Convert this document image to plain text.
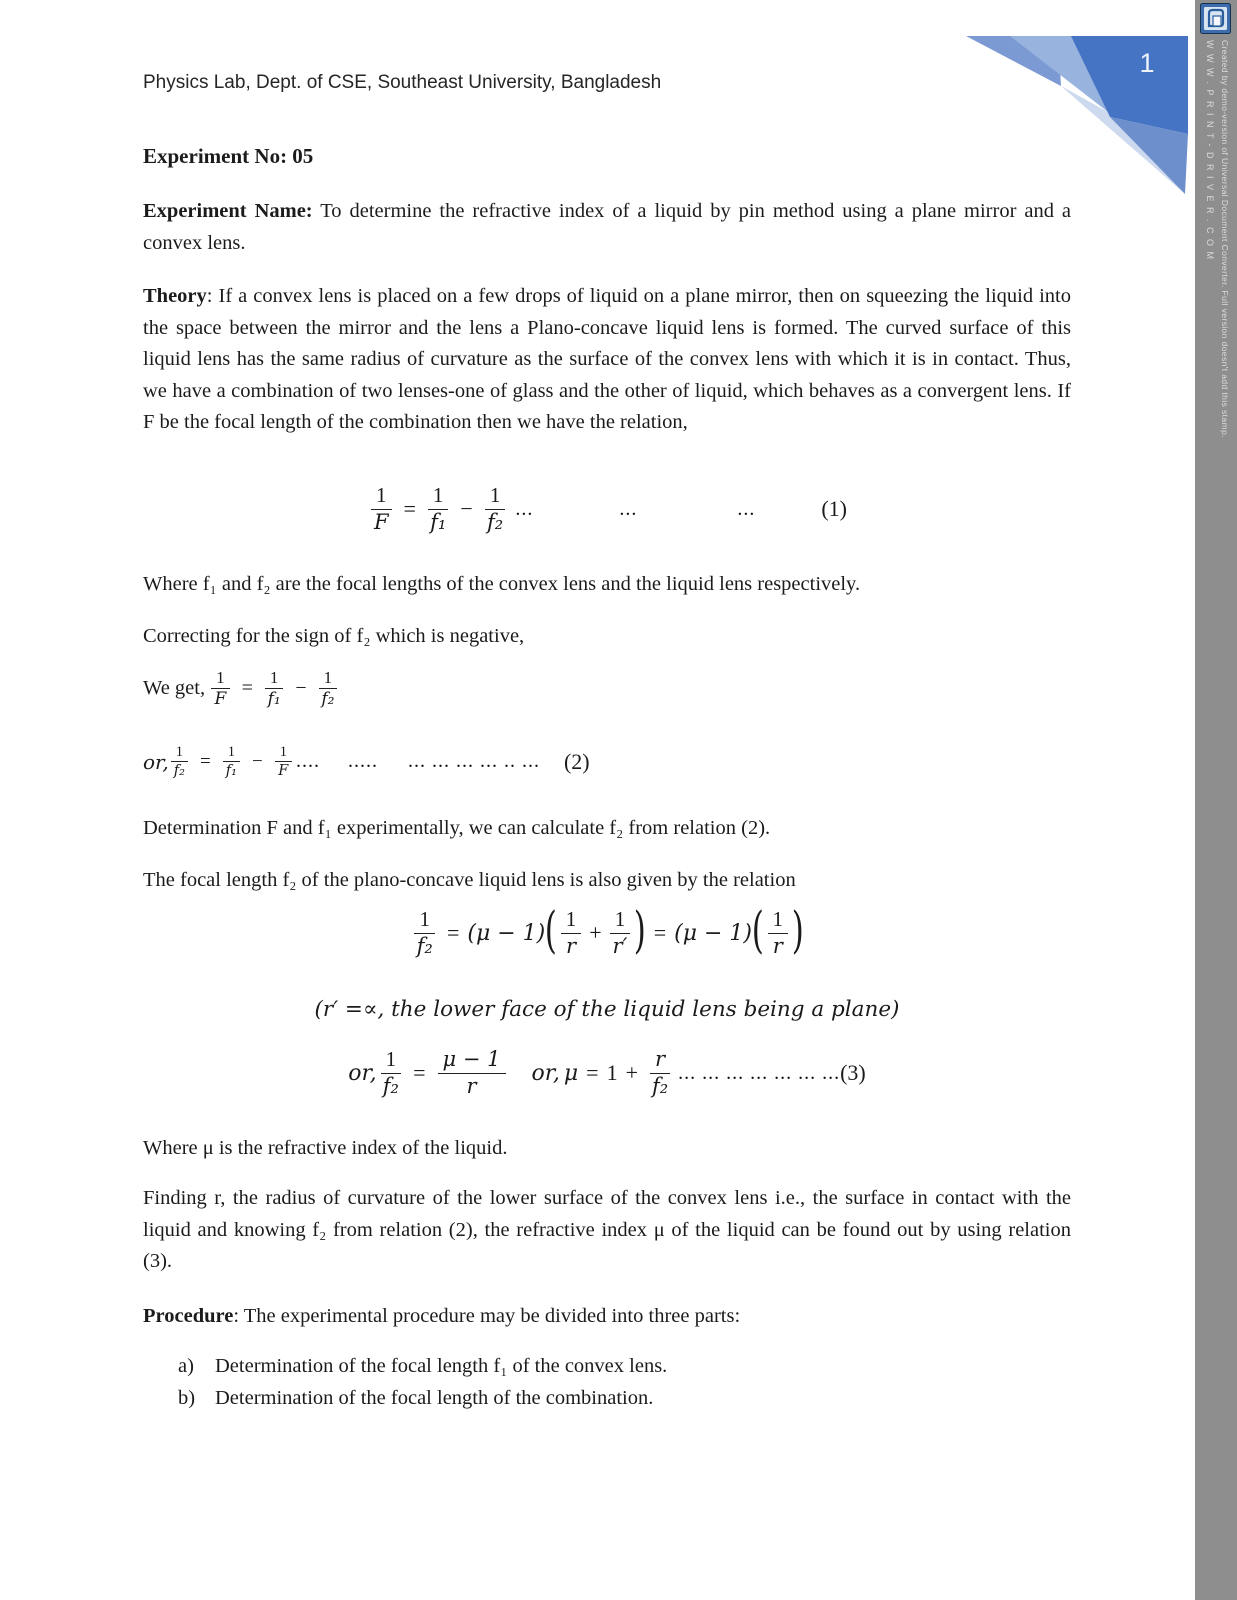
1	Created by demo-version of Universal Document Converter. Full version doesn't add this stamp.
WWW.PRINT-DRIVER.COM
Physics Lab, Dept. of CSE, Southeast University, Bangladesh
Experiment No: 05
Experiment Name: To determine the refractive index of a liquid by pin method using a plane mirror and a convex lens.
Theory: If a convex lens is placed on a few drops of liquid on a plane mirror, then on squeezing the liquid into the space between the mirror and the lens a Plano-concave liquid lens is formed. The curved surface of this liquid lens has the same radius of curvature as the surface of the convex lens with which it is in contact. Thus, we have a combination of two lenses-one of glass and the other of liquid, which behaves as a convergent lens. If F be the focal length of the combination then we have the relation,
$\frac{1}{F} = \frac{1}{\text{f₁}} - \frac{1}{\text{f₂}}$ ...	...	...	(1)
Where f₁ and f₂ are the focal lengths of the convex lens and the liquid lens respectively.
Correcting for the sign of f₂ which is negative,
We get, $\frac{1}{F} = \frac{1}{\text{f₁}} - \frac{1}{\text{f₂}}$
or, $\frac{1}{\text{f₂}} = \frac{1}{\text{f₁}} - \frac{1}{F}$ .... ..... ... ... ... ... .. ... (2)
Determination F and f₁ experimentally, we can calculate f₂ from relation (2).
The focal length f₂ of the plano-concave liquid lens is also given by the relation
$\frac{1}{\text{f₂}} = (\mu - 1)$ ( $\frac{1}{r} + \frac{1}{r'}$ ) = (μ − 1) ( $\frac{1}{r}$ )
(r′ =∝, the lower face of the liquid lens being a plane)
or, $\frac{1}{\text{f₂}} = \frac{\mu - 1}{r}$ or, $\mu = 1 + \frac{r}{\text{f₂}}$ ... ... ... ... ... ... ... (3)
Where μ is the refractive index of the liquid.
Finding r, the radius of curvature of the lower surface of the convex lens i.e., the surface in contact with the liquid and knowing f₂ from relation (2), the refractive index μ of the liquid can be found out by using relation (3).
Procedure: The experimental procedure may be divided into three parts:
a)	Determination of the focal length f₁ of the convex lens.
b) Determination of the focal length of the combination.
